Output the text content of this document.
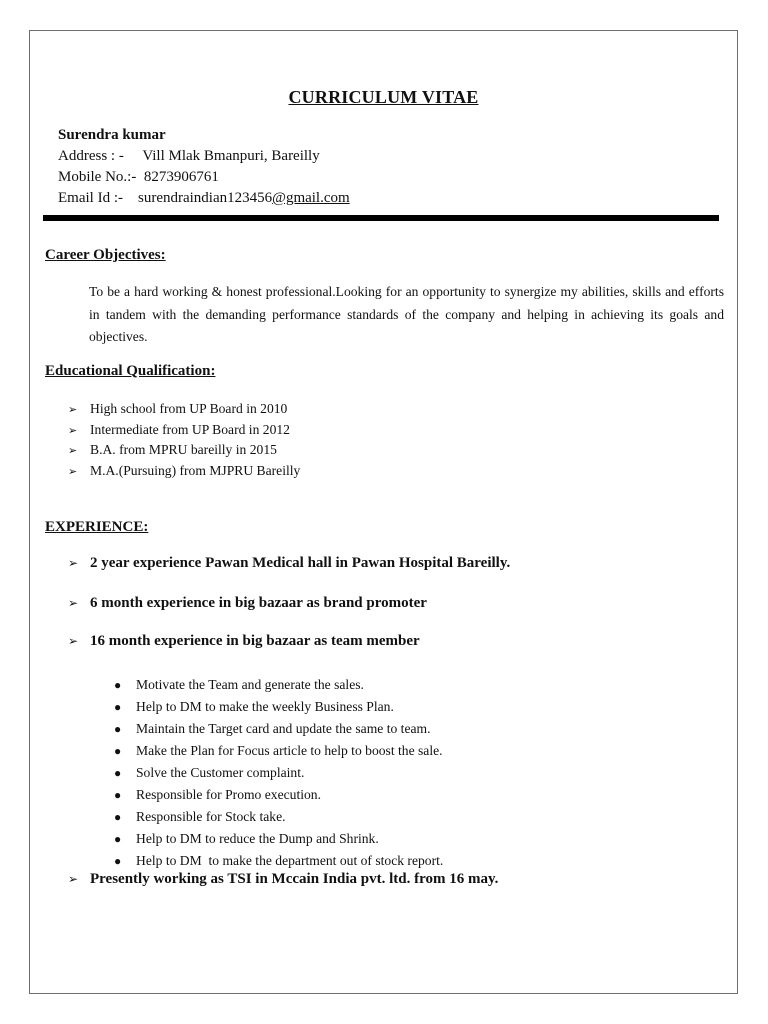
CURRICULUM VITAE
Surendra kumar
Address : - Vill Mlak Bmanpuri, Bareilly
Mobile No.:- 8273906761
Email Id :- surendraindian123456@gmail.com
Career Objectives:
To be a hard working & honest professional.Looking for an opportunity to synergize my abilities, skills and efforts in tandem with the demanding performance standards of the company and helping in achieving its goals and objectives.
Educational Qualification:
➢ High school from UP Board in 2010
➢ Intermediate from UP Board in 2012
➢ B.A. from MPRU bareilly in 2015
➢ M.A.(Pursuing) from MJPRU Bareilly
EXPERIENCE:
➢ 2 year experience Pawan Medical hall in Pawan Hospital Bareilly.
➢ 6 month experience in big bazaar as brand promoter
➢ 16 month experience in big bazaar as team member
● Motivate the Team and generate the sales.
● Help to DM to make the weekly Business Plan.
● Maintain the Target card and update the same to team.
● Make the Plan for Focus article to help to boost the sale.
● Solve the Customer complaint.
● Responsible for Promo execution.
● Responsible for Stock take.
● Help to DM to reduce the Dump and Shrink.
● Help to DM  to make the department out of stock report.
➢ Presently working as TSI in Mccain India pvt. ltd. from 16 may.
